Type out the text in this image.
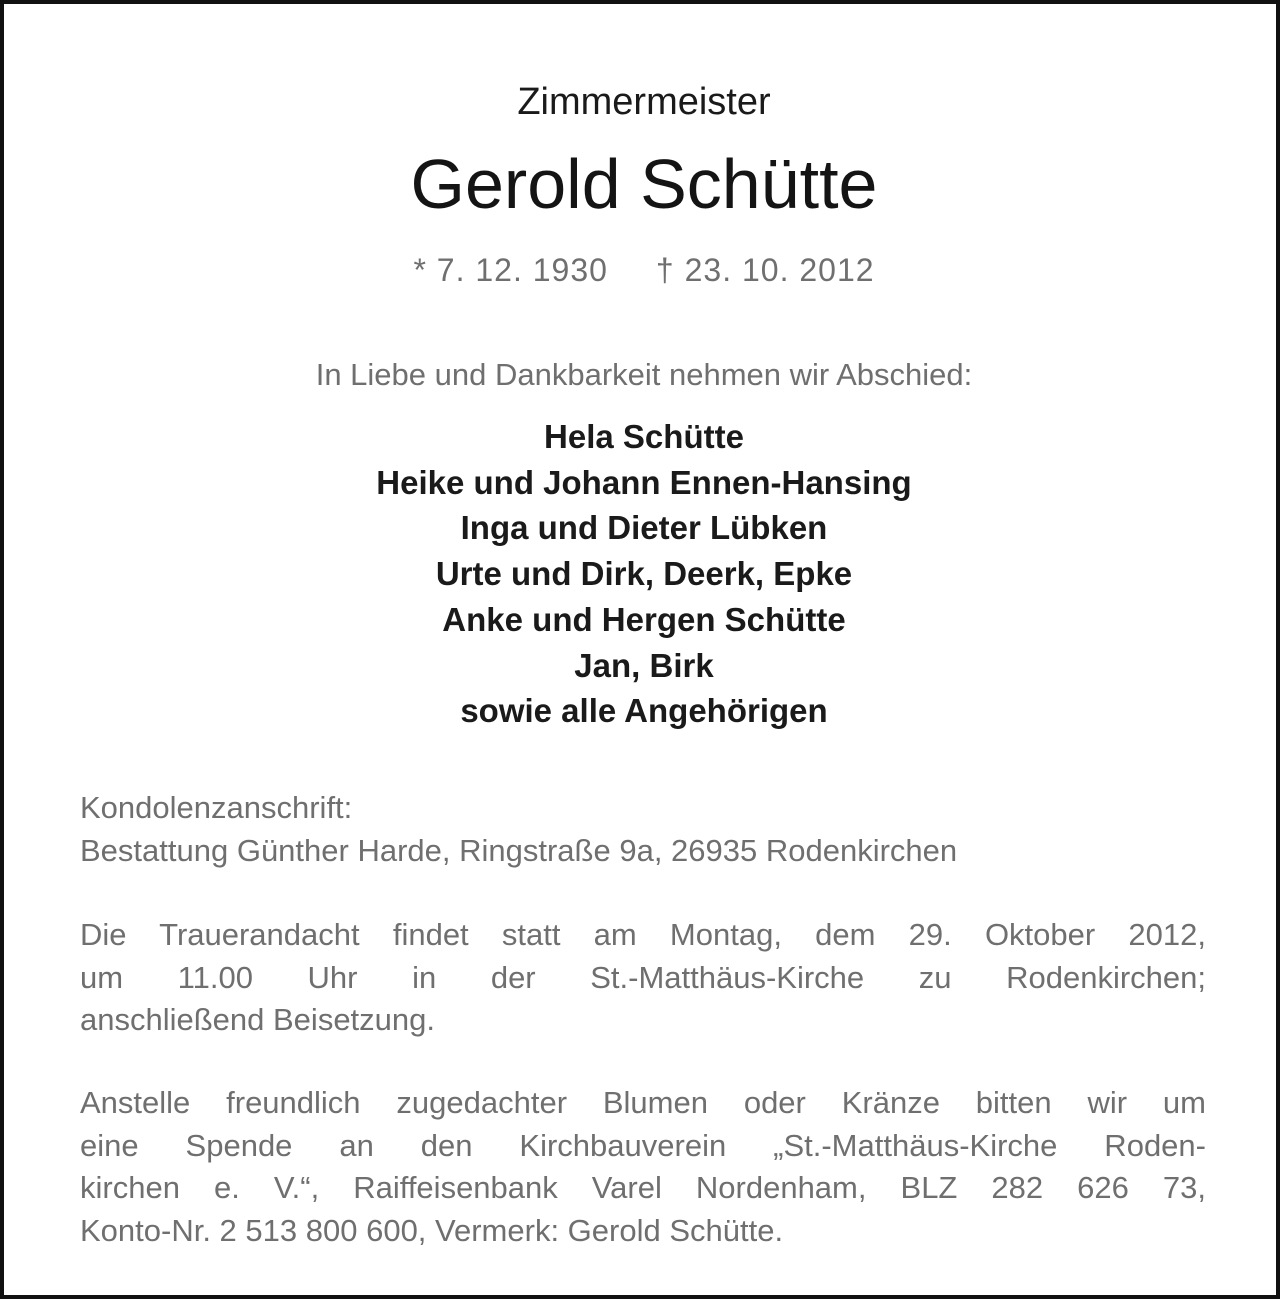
Zimmermeister
Gerold Schütte
* 7. 12. 1930 † 23. 10. 2012
In Liebe und Dankbarkeit nehmen wir Abschied:
Hela Schütte
Heike und Johann Ennen-Hansing
Inga und Dieter Lübken
Urte und Dirk, Deerk, Epke
Anke und Hergen Schütte
Jan, Birk
sowie alle Angehörigen
Kondolenzanschrift:
Bestattung Günther Harde, Ringstraße 9a, 26935 Rodenkirchen
Die Trauerandacht findet statt am Montag, dem 29. Oktober 2012,
um 11.00 Uhr in der St.-Matthäus-Kirche zu Rodenkirchen;
anschließend Beisetzung.
Anstelle freundlich zugedachter Blumen oder Kränze bitten wir um
eine Spende an den Kirchbauverein „St.-Matthäus-Kirche Roden-
kirchen e. V.“, Raiffeisenbank Varel Nordenham, BLZ 282 626 73,
Konto-Nr. 2 513 800 600, Vermerk: Gerold Schütte.
